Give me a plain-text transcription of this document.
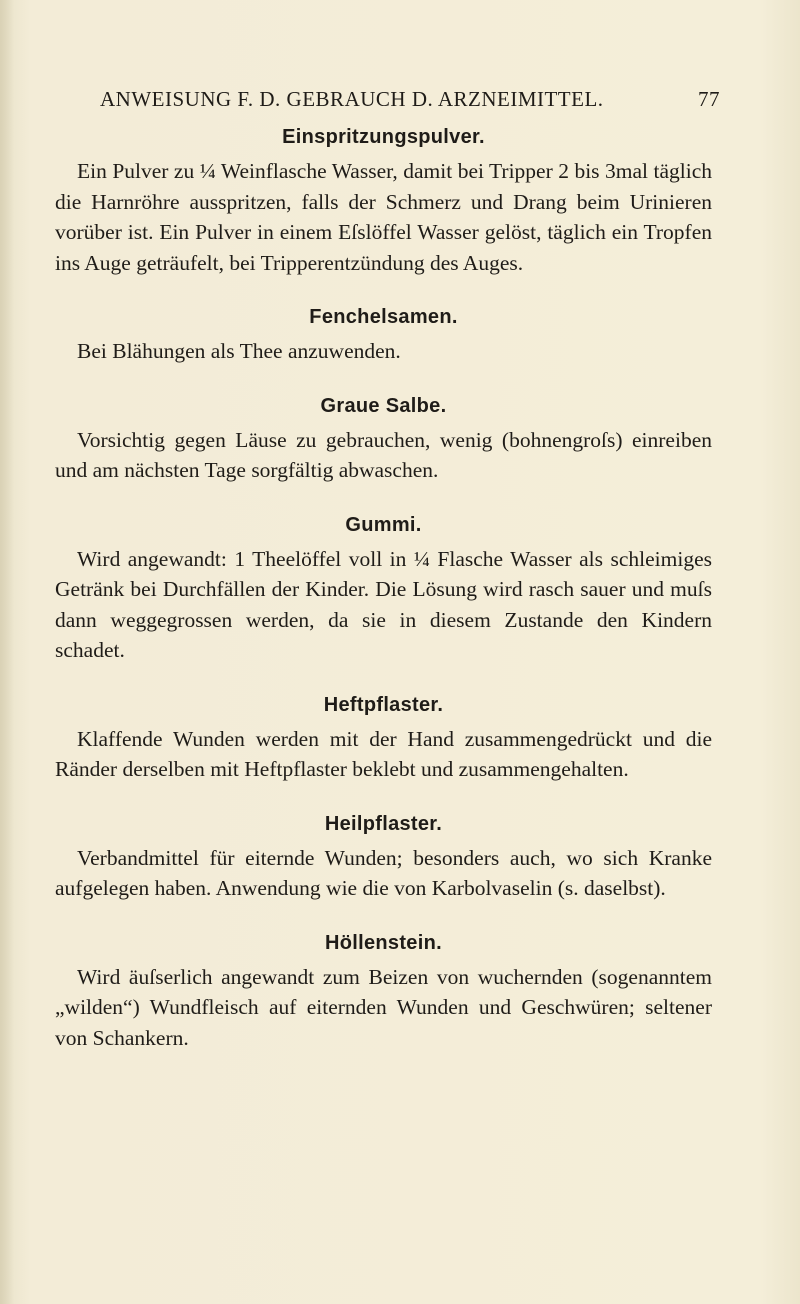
ANWEISUNG F. D. GEBRAUCH D. ARZNEIMITTEL.	77
Einspritzungspulver.

Ein Pulver zu ¼ Weinflasche Wasser, damit bei Tripper 2 bis 3mal täglich die Harnröhre ausspritzen, falls der Schmerz und Drang beim Urinieren vorüber ist. Ein Pulver in einem Eſslöffel Wasser gelöst, täglich ein Tropfen ins Auge geträufelt, bei Tripperentzündung des Auges.

Fenchelsamen.

Bei Blähungen als Thee anzuwenden.

Graue Salbe.

Vorsichtig gegen Läuse zu gebrauchen, wenig (bohnengroſs) einreiben und am nächsten Tage sorgfältig abwaschen.

Gummi.

Wird angewandt: 1 Theelöffel voll in ¼ Flasche Wasser als schleimiges Getränk bei Durchfällen der Kinder. Die Lösung wird rasch sauer und muſs dann weggegrossen werden, da sie in diesem Zustande den Kindern schadet.

Heftpflaster.

Klaffende Wunden werden mit der Hand zusammengedrückt und die Ränder derselben mit Heftpflaster beklebt und zusammengehalten.

Heilpflaster.

Verbandmittel für eiternde Wunden; besonders auch, wo sich Kranke aufgelegen haben. Anwendung wie die von Karbolvaselin (s. daselbst).

Höllenstein.

Wird äuſserlich angewandt zum Beizen von wuchernden (sogenanntem „wilden“) Wundfleisch auf eiternden Wunden und Geschwüren; seltener von Schankern.
